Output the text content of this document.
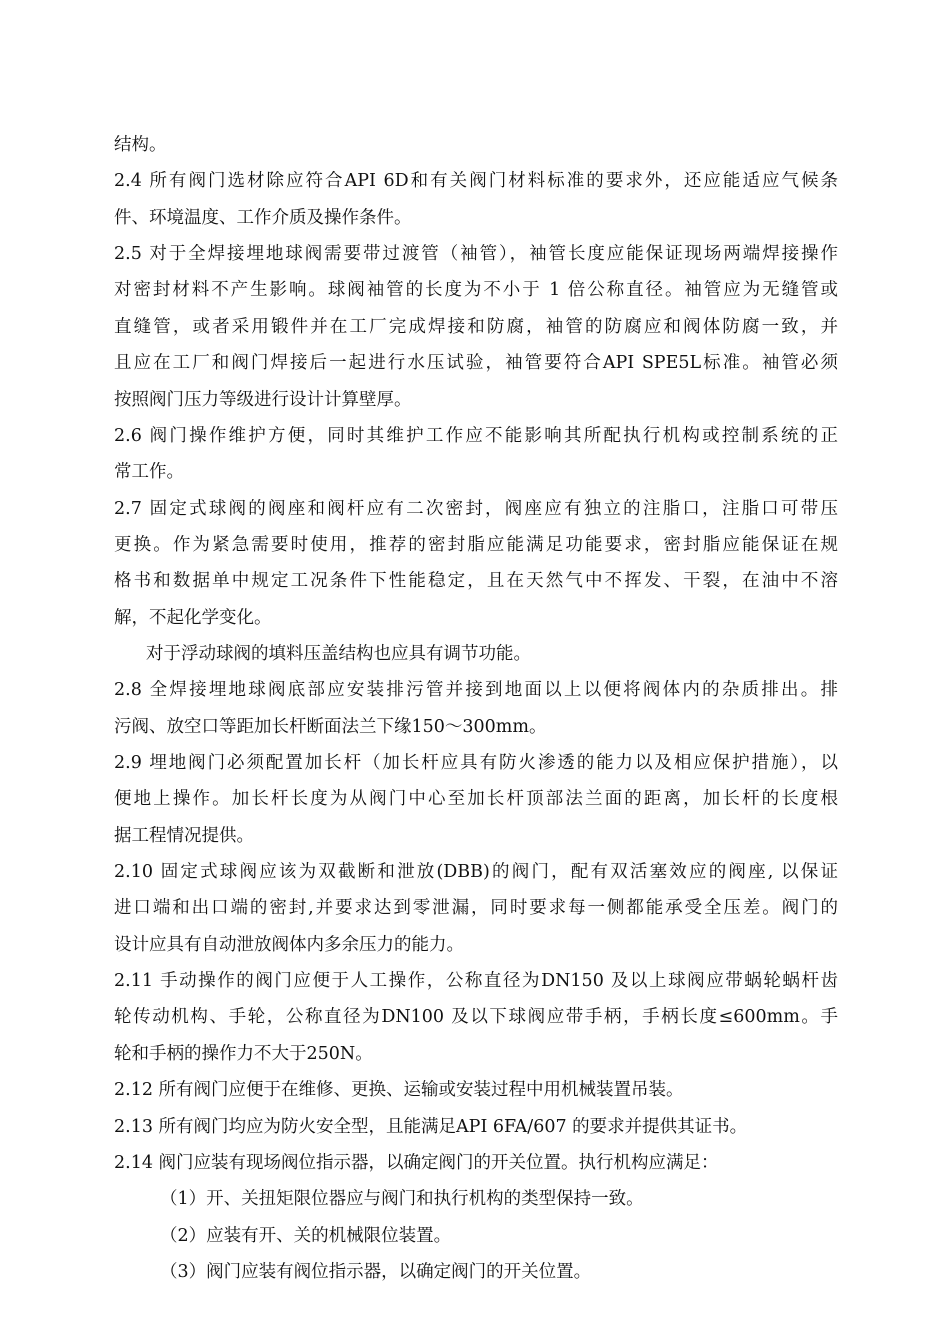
结构。
2.4 所有阀门选材除应符合API 6D和有关阀门材料标准的要求外，还应能适应气候条
件、环境温度、工作介质及操作条件。
2.5 对于全焊接埋地球阀需要带过渡管（袖管），袖管长度应能保证现场两端焊接操作
对密封材料不产生影响。球阀袖管的长度为不小于 1 倍公称直径。袖管应为无缝管或
直缝管，或者采用锻件并在工厂完成焊接和防腐，袖管的防腐应和阀体防腐一致，并
且应在工厂和阀门焊接后一起进行水压试验，袖管要符合API SPE5L标准。袖管必须
按照阀门压力等级进行设计计算壁厚。
2.6 阀门操作维护方便，同时其维护工作应不能影响其所配执行机构或控制系统的正
常工作。
2.7 固定式球阀的阀座和阀杆应有二次密封，阀座应有独立的注脂口，注脂口可带压
更换。作为紧急需要时使用，推荐的密封脂应能满足功能要求，密封脂应能保证在规
格书和数据单中规定工况条件下性能稳定，且在天然气中不挥发、干裂，在油中不溶
解，不起化学变化。
对于浮动球阀的填料压盖结构也应具有调节功能。
2.8 全焊接埋地球阀底部应安装排污管并接到地面以上以便将阀体内的杂质排出。排
污阀、放空口等距加长杆断面法兰下缘150～300mm。
2.9 埋地阀门必须配置加长杆（加长杆应具有防火渗透的能力以及相应保护措施），以
便地上操作。加长杆长度为从阀门中心至加长杆顶部法兰面的距离，加长杆的长度根
据工程情况提供。
2.10 固定式球阀应该为双截断和泄放(DBB)的阀门，配有双活塞效应的阀座, 以保证
进口端和出口端的密封,并要求达到零泄漏，同时要求每一侧都能承受全压差。阀门的
设计应具有自动泄放阀体内多余压力的能力。
2.11 手动操作的阀门应便于人工操作，公称直径为DN150 及以上球阀应带蜗轮蜗杆齿
轮传动机构、手轮，公称直径为DN100 及以下球阀应带手柄，手柄长度≤600mm。手
轮和手柄的操作力不大于250N。
2.12 所有阀门应便于在维修、更换、运输或安装过程中用机械装置吊装。
2.13 所有阀门均应为防火安全型，且能满足API 6FA/607 的要求并提供其证书。
2.14 阀门应装有现场阀位指示器，以确定阀门的开关位置。执行机构应满足：
（1）开、关扭矩限位器应与阀门和执行机构的类型保持一致。
（2）应装有开、关的机械限位装置。
（3）阀门应装有阀位指示器，以确定阀门的开关位置。
